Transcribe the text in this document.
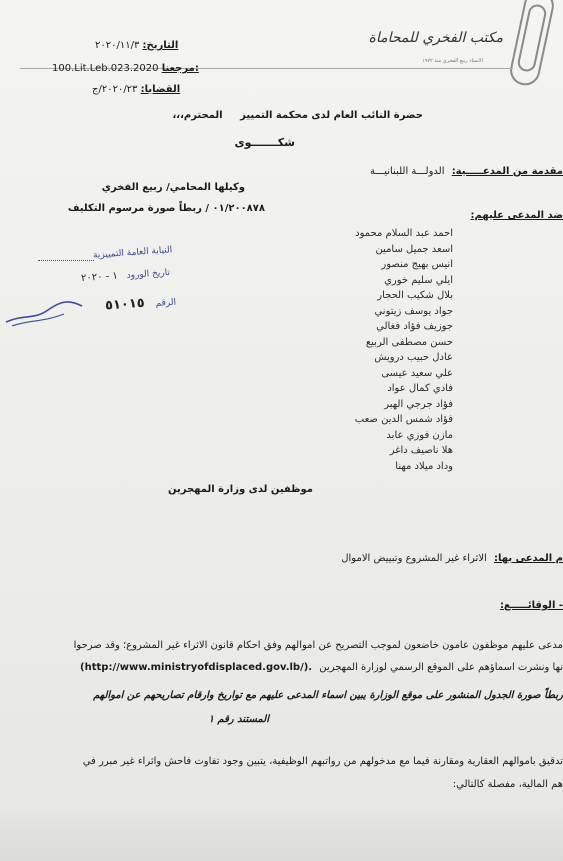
مكتب الفخري للمحاماة
الاستاذ ربيع الفخري منذ ١٩٧٢
التاريخ: ٢٠٢٠/١١/٣
100.Lit.Leb.023.2020 مرجعنا:
القضايا: ٢٠٢٠/٢٣/ج
حضرة النائب العام لدى محكمة التمييز المحترم،،،
شكـــــــوى
مقدمة من المدعـــــية: الدولـــة اللبنانيـــة
وكيلها المحامي/ ربيع الفخري
٠١/٢٠٠٨٧٨ / ربطاً صورة مرسوم التكليف
ضد المدعى عليهم:
احمد عبد السلام محمود
اسعد جميل سامين
انيس بهيج منصور
ايلي سليم خوري
بلال شكيب الحجار
جواد يوسف زيتوني
جوزيف فؤاد فغالي
حسن مصطفى الربيع
عادل حبيب درويش
علي سعيد عيسى
فادي كمال عواد
فؤاد جرجي الهبر
فؤاد شمس الدين صعب
مازن فوزي عابد
هلا ناصيف داغر
وداد ميلاد مهنا
النيابة العامة التمييزية
تاريخ الورود ١ - ٢٠٢٠
الرقم ٥١٠١٥
موظفين لدى وزارة المهجرين
م المدعى بها: الاثراء غير المشروع وتبييض الاموال
- الوقائـــــع:
مدعى عليهم موظفون عامون خاضعون لموجب التصريح عن اموالهم وفق احكام قانون الاثراء غير المشروع؛ وقد صرحوا
نها ونشرت اسماؤهم على الموقع الرسمي لوزارة المهجرين (http://www.ministryofdisplaced.gov.lb/).
ربطاً صورة الجدول المنشور على موقع الوزارة يبين اسماء المدعى عليهم مع تواريخ وارقام تصاريحهم عن اموالهم
المستند رقم ١
تدقيق باموالهم العقارية ومقارنة فيما مع مدخولهم من رواتبهم الوظيفية، يتبين وجود تفاوت فاحش واثراء غير مبرر في
هم المالية، مفصلة كالتالي:
